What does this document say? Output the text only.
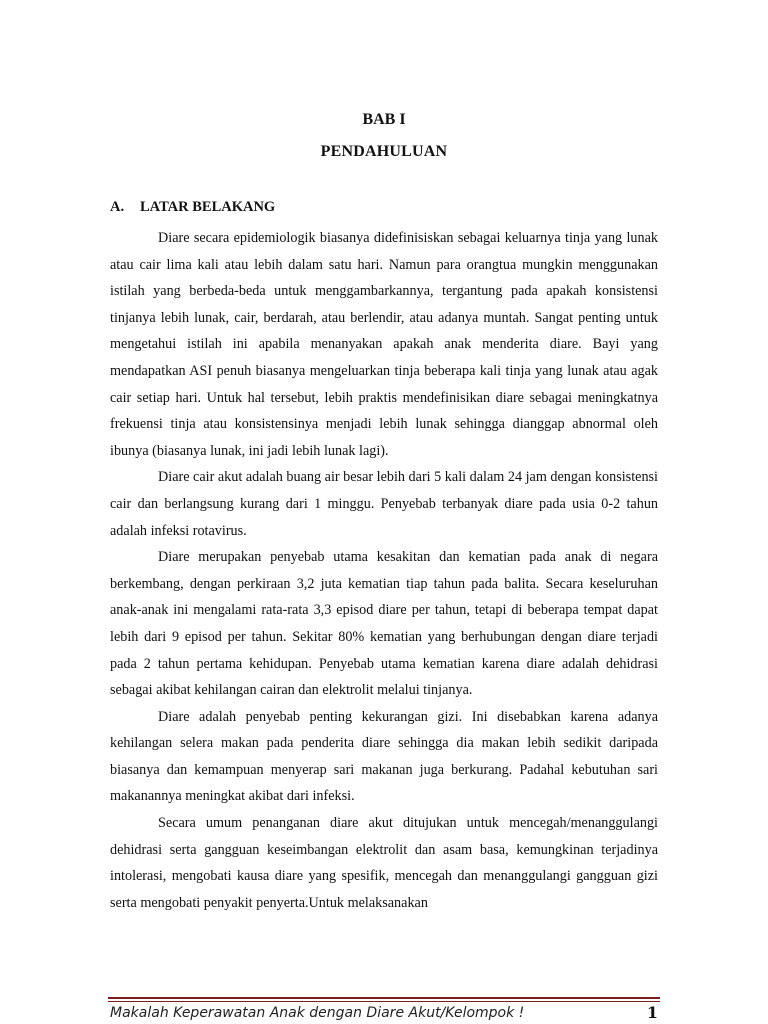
BAB I
PENDAHULUAN
A. LATAR BELAKANG

Diare secara epidemiologik biasanya didefinisiskan sebagai keluarnya tinja yang lunak atau cair lima kali atau lebih dalam satu hari. Namun para orangtua mungkin menggunakan istilah yang berbeda-beda untuk menggambarkannya, tergantung pada apakah konsistensi tinjanya lebih lunak, cair, berdarah, atau berlendir, atau adanya muntah. Sangat penting untuk mengetahui istilah ini apabila menanyakan apakah anak menderita diare. Bayi yang mendapatkan ASI penuh biasanya mengeluarkan tinja beberapa kali tinja yang lunak atau agak cair setiap hari. Untuk hal tersebut, lebih praktis mendefinisikan diare sebagai meningkatnya frekuensi tinja atau konsistensinya menjadi lebih lunak sehingga dianggap abnormal oleh ibunya (biasanya lunak, ini jadi lebih lunak lagi).

Diare cair akut adalah buang air besar lebih dari 5 kali dalam 24 jam dengan konsistensi cair dan berlangsung kurang dari 1 minggu. Penyebab terbanyak diare pada usia 0-2 tahun adalah infeksi rotavirus.

Diare merupakan penyebab utama kesakitan dan kematian pada anak di negara berkembang, dengan perkiraan 3,2 juta kematian tiap tahun pada balita. Secara keseluruhan anak-anak ini mengalami rata-rata 3,3 episod diare per tahun, tetapi di beberapa tempat dapat lebih dari 9 episod per tahun. Sekitar 80% kematian yang berhubungan dengan diare terjadi pada 2 tahun pertama kehidupan. Penyebab utama kematian karena diare adalah dehidrasi sebagai akibat kehilangan cairan dan elektrolit melalui tinjanya.

Diare adalah penyebab penting kekurangan gizi. Ini disebabkan karena adanya kehilangan selera makan pada penderita diare sehingga dia makan lebih sedikit daripada biasanya dan kemampuan menyerap sari makanan juga berkurang. Padahal kebutuhan sari makanannya meningkat akibat dari infeksi.

Secara umum penanganan diare akut ditujukan untuk mencegah/menanggulangi dehidrasi serta gangguan keseimbangan elektrolit dan asam basa, kemungkinan terjadinya intolerasi, mengobati kausa diare yang spesifik, mencegah dan menanggulangi gangguan gizi serta mengobati penyakit penyerta.Untuk melaksanakan

Makalah Keperawatan Anak dengan Diare Akut/Kelompok !	1
